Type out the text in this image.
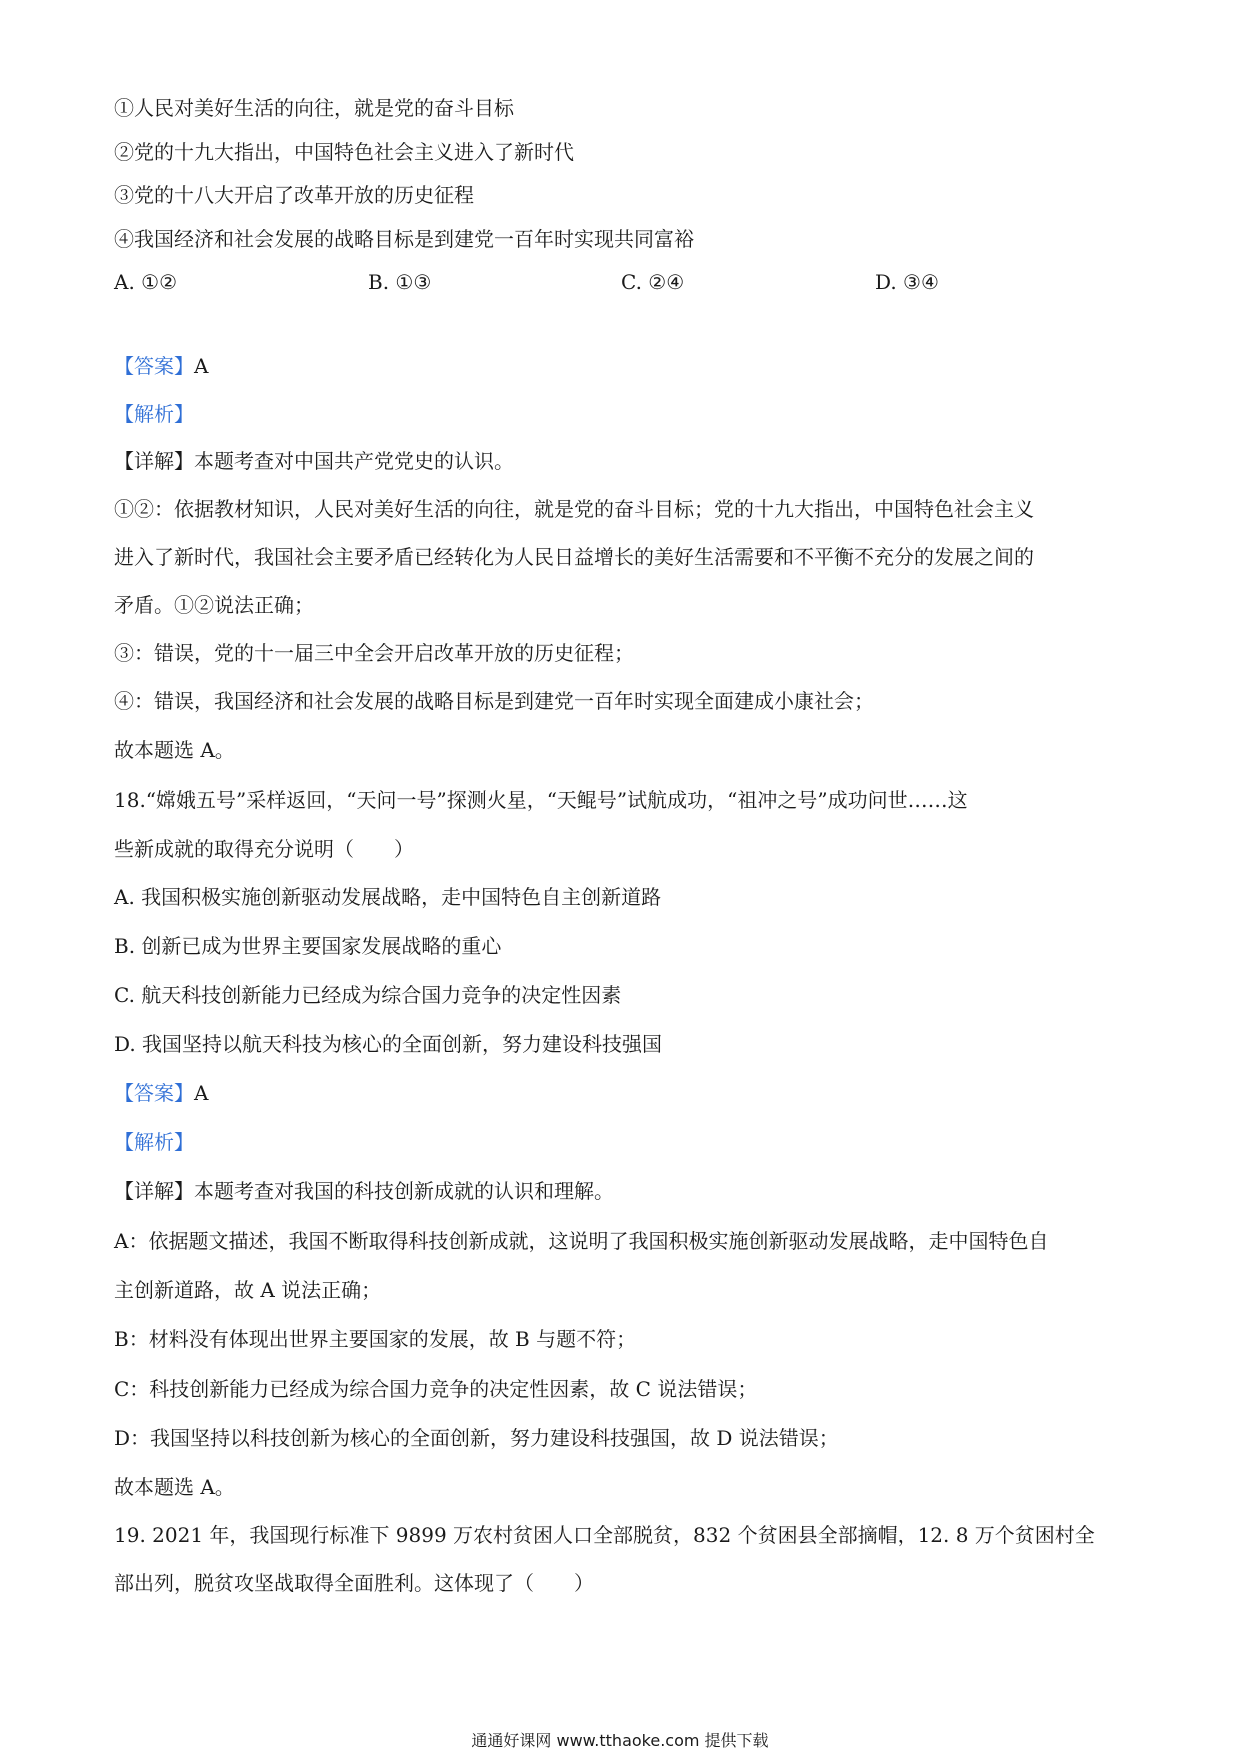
①人民对美好生活的向往，就是党的奋斗目标

②党的十九大指出，中国特色社会主义进入了新时代

③党的十八大开启了改革开放的历史征程

④我国经济和社会发展的战略目标是到建党一百年时实现共同富裕

A. ①②	B. ①③	C. ②④	D. ③④

【答案】A

【解析】

【详解】本题考查对中国共产党党史的认识。

①②：依据教材知识，人民对美好生活的向往，就是党的奋斗目标；党的十九大指出，中国特色社会主义

进入了新时代，我国社会主要矛盾已经转化为人民日益增长的美好生活需要和不平衡不充分的发展之间的

矛盾。①②说法正确；

③：错误，党的十一届三中全会开启改革开放的历史征程；

④：错误，我国经济和社会发展的战略目标是到建党一百年时实现全面建成小康社会；

故本题选 A。

18.“嫦娥五号”采样返回，“天问一号”探测火星，“天鲲号”试航成功，“祖冲之号”成功问世……这

些新成就的取得充分说明（　　）

A. 我国积极实施创新驱动发展战略，走中国特色自主创新道路

B. 创新已成为世界主要国家发展战略的重心

C. 航天科技创新能力已经成为综合国力竞争的决定性因素

D. 我国坚持以航天科技为核心的全面创新，努力建设科技强国

【答案】A

【解析】

【详解】本题考查对我国的科技创新成就的认识和理解。

A：依据题文描述，我国不断取得科技创新成就，这说明了我国积极实施创新驱动发展战略，走中国特色自

主创新道路，故 A 说法正确；

B：材料没有体现出世界主要国家的发展，故 B 与题不符；

C：科技创新能力已经成为综合国力竞争的决定性因素，故 C 说法错误；

D：我国坚持以科技创新为核心的全面创新，努力建设科技强国，故 D 说法错误；

故本题选 A。

19. 2021 年，我国现行标准下 9899 万农村贫困人口全部脱贫，832 个贫困县全部摘帽，12. 8 万个贫困村全

部出列，脱贫攻坚战取得全面胜利。这体现了（　　）

通通好课网 www.tthaoke.com 提供下载
